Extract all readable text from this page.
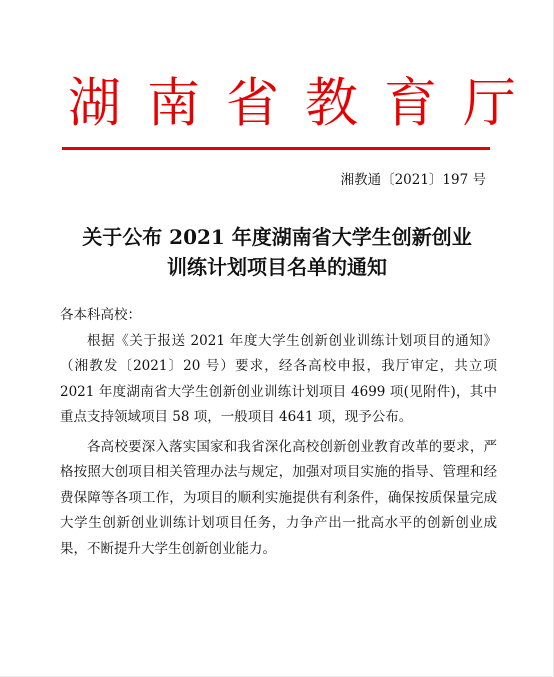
湖南省教育厅
湘教通〔2021〕197 号
关于公布 2021 年度湖南省大学生创新创业
训练计划项目名单的通知
各本科高校：

根据《关于报送 2021 年度大学生创新创业训练计划项目的通知》（湘教发〔2021〕20 号）要求，经各高校申报，我厅审定，共立项 2021 年度湖南省大学生创新创业训练计划项目 4699 项(见附件)，其中重点支持领域项目 58 项，一般项目 4641 项，现予公布。

各高校要深入落实国家和我省深化高校创新创业教育改革的要求，严格按照大创项目相关管理办法与规定，加强对项目实施的指导、管理和经费保障等各项工作，为项目的顺利实施提供有利条件，确保按质保量完成大学生创新创业训练计划项目任务，力争产出一批高水平的创新创业成果，不断提升大学生创新创业能力。
